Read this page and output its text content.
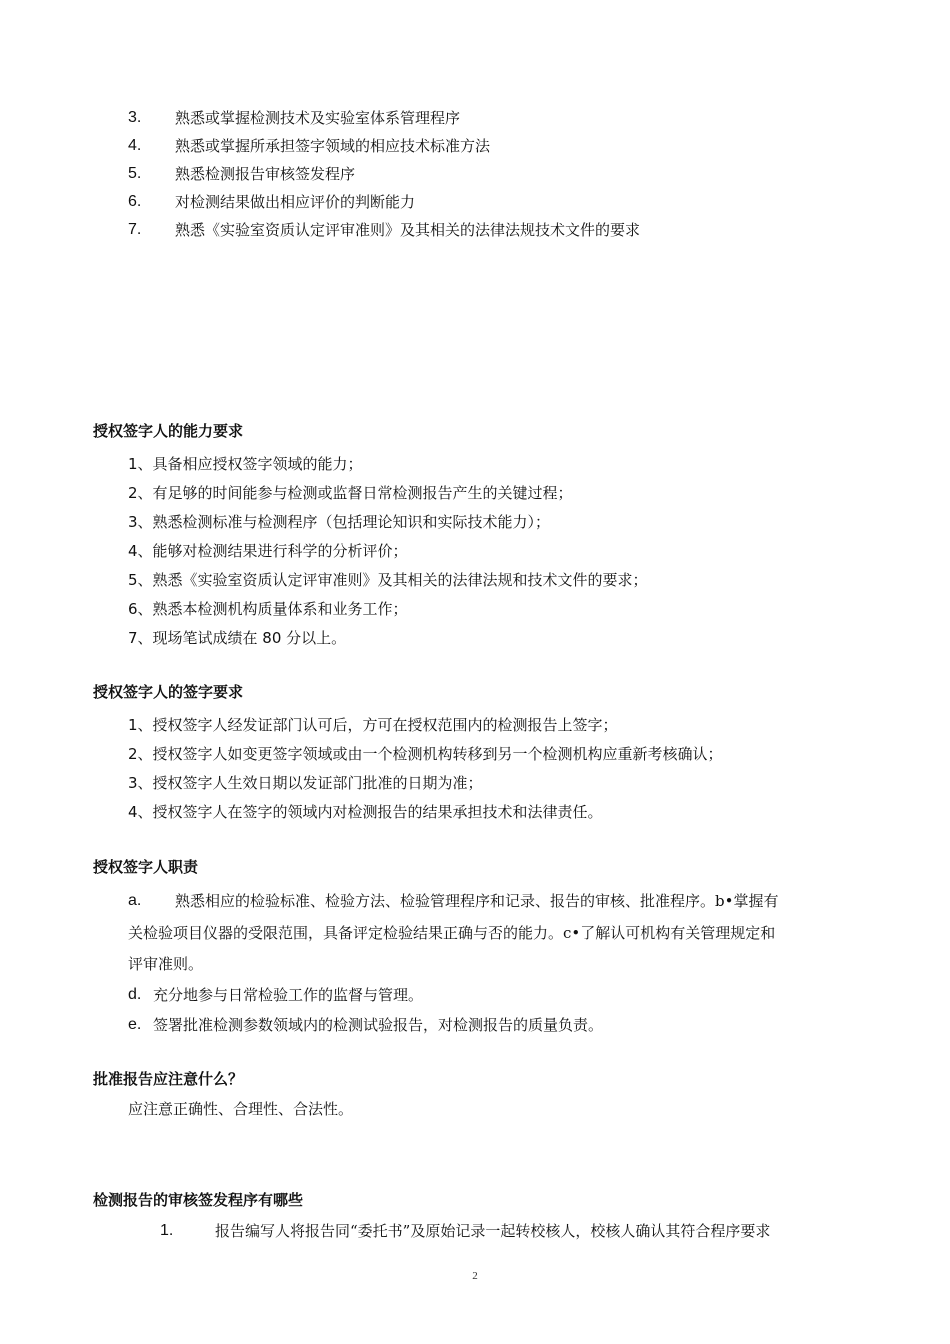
3. 熟悉或掌握检测技术及实验室体系管理程序
4. 熟悉或掌握所承担签字领域的相应技术标准方法
5. 熟悉检测报告审核签发程序
6. 对检测结果做出相应评价的判断能力
7. 熟悉《实验室资质认定评审准则》及其相关的法律法规技术文件的要求
授权签字人的能力要求
1、具备相应授权签字领域的能力；
2、有足够的时间能参与检测或监督日常检测报告产生的关键过程；
3、熟悉检测标准与检测程序（包括理论知识和实际技术能力）；
4、能够对检测结果进行科学的分析评价；
5、熟悉《实验室资质认定评审准则》及其相关的法律法规和技术文件的要求；
6、熟悉本检测机构质量体系和业务工作；
7、现场笔试成绩在 80 分以上。
授权签字人的签字要求
1、授权签字人经发证部门认可后，方可在授权范围内的检测报告上签字；
2、授权签字人如变更签字领域或由一个检测机构转移到另一个检测机构应重新考核确认；
3、授权签字人生效日期以发证部门批准的日期为准；
4、授权签字人在签字的领域内对检测报告的结果承担技术和法律责任。
授权签字人职责
a. 熟悉相应的检验标准、检验方法、检验管理程序和记录、报告的审核、批准程序。b•掌握有
关检验项目仪器的受限范围，具备评定检验结果正确与否的能力。c•了解认可机构有关管理规定和
评审准则。
d. 充分地参与日常检验工作的监督与管理。
e. 签署批准检测参数领域内的检测试验报告，对检测报告的质量负责。
批准报告应注意什么？
应注意正确性、合理性、合法性。
检测报告的审核签发程序有哪些
1.	报告编写人将报告同“委托书”及原始记录一起转校核人，校核人确认其符合程序要求
2
